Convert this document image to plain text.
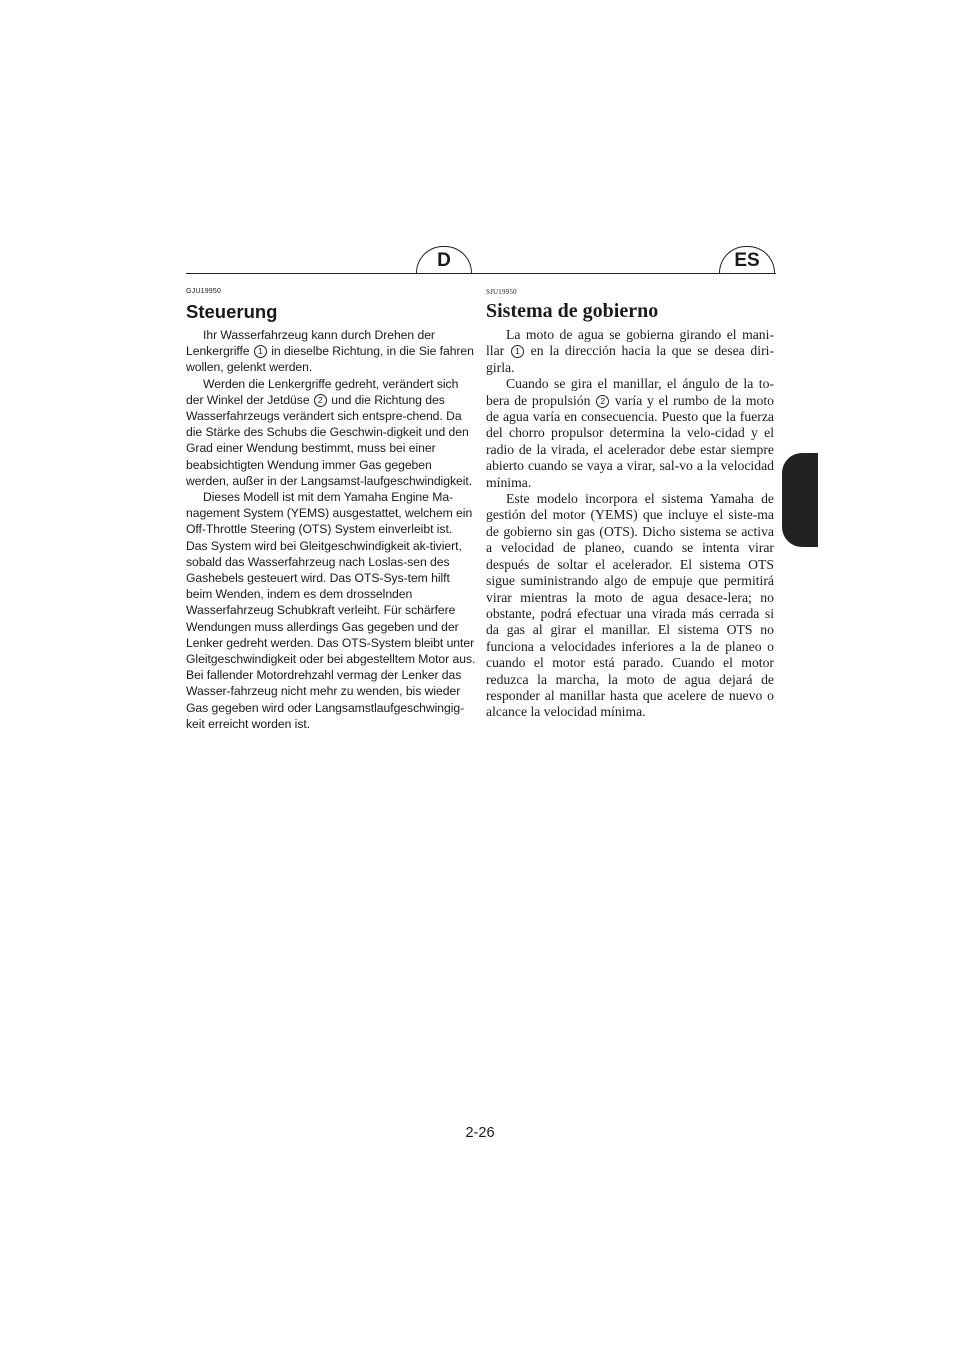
D	ES
GJU19950
Steuerung

Ihr Wasserfahrzeug kann durch Drehen der Lenkergriffe 1 in dieselbe Richtung, in die Sie fahren wollen, gelenkt werden.

Werden die Lenkergriffe gedreht, verändert sich der Winkel der Jetdüse 2 und die Richtung des Wasserfahrzeugs verändert sich entspre-chend. Da die Stärke des Schubs die Geschwin-digkeit und den Grad einer Wendung bestimmt, muss bei einer beabsichtigten Wendung immer Gas gegeben werden, außer in der Langsamst-laufgeschwindigkeit.

Dieses Modell ist mit dem Yamaha Engine Ma-nagement System (YEMS) ausgestattet, welchem ein Off-Throttle Steering (OTS) System einverleibt ist. Das System wird bei Gleitgeschwindigkeit ak-tiviert, sobald das Wasserfahrzeug nach Loslas-sen des Gashebels gesteuert wird. Das OTS-Sys-tem hilft beim Wenden, indem es dem drosselnden Wasserfahrzeug Schubkraft verleiht. Für schärfere Wendungen muss allerdings Gas gegeben und der Lenker gedreht werden. Das OTS-System bleibt unter Gleitgeschwindigkeit oder bei abgestelltem Motor aus. Bei fallender Motordrehzahl vermag der Lenker das Wasser-fahrzeug nicht mehr zu wenden, bis wieder Gas gegeben wird oder Langsamstlaufgeschwingig-keit erreicht worden ist.

SJU19950
Sistema de gobierno

La moto de agua se gobierna girando el mani-llar 1 en la dirección hacia la que se desea diri-girla.

Cuando se gira el manillar, el ángulo de la to-bera de propulsión 2 varía y el rumbo de la moto de agua varía en consecuencia. Puesto que la fuerza del chorro propulsor determina la velo-cidad y el radio de la virada, el acelerador debe estar siempre abierto cuando se vaya a virar, sal-vo a la velocidad mínima.

Este modelo incorpora el sistema Yamaha de gestión del motor (YEMS) que incluye el siste-ma de gobierno sin gas (OTS). Dicho sistema se activa a velocidad de planeo, cuando se intenta virar después de soltar el acelerador. El sistema OTS sigue suministrando algo de empuje que permitirá virar mientras la moto de agua desace-lera; no obstante, podrá efectuar una virada más cerrada si da gas al girar el manillar. El sistema OTS no funciona a velocidades inferiores a la de planeo o cuando el motor está parado. Cuando el motor reduzca la marcha, la moto de agua dejará de responder al manillar hasta que acelere de nuevo o alcance la velocidad mínima.

2-26
